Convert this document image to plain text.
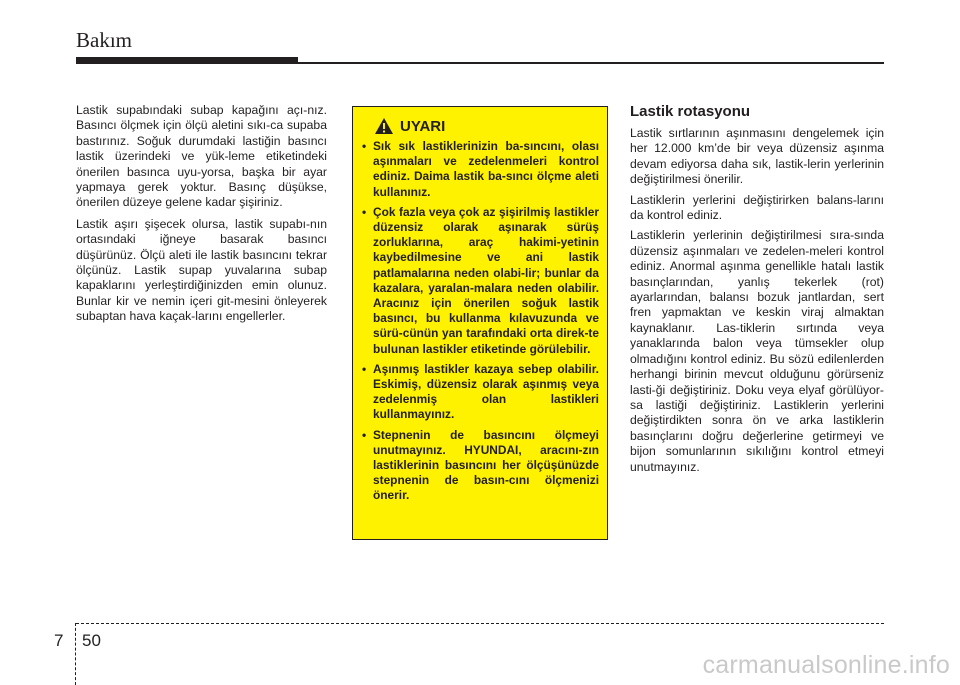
Bakım

Lastik supabındaki subap kapağını açı-nız. Basıncı ölçmek için ölçü aletini sıkı-ca supaba bastırınız. Soğuk durumdaki lastiğin basıncı lastik üzerindeki ve yük-leme etiketindeki önerilen basınca uyu-yorsa, başka bir ayar yapmaya gerek yoktur. Basınç düşükse, önerilen düzeye gelene kadar şişiriniz.

Lastik aşırı şişecek olursa, lastik supabı-nın ortasındaki iğneye basarak basıncı düşürünüz. Ölçü aleti ile lastik basıncını tekrar ölçünüz. Lastik supap yuvalarına subap kapaklarını yerleştirdiğinizden emin olunuz. Bunlar kir ve nemin içeri git-mesini önleyerek subaptan hava kaçak-larını engellerler.

UYARI
• Sık sık lastiklerinizin ba-sıncını, olası aşınmaları ve zedelenmeleri kontrol ediniz. Daima lastik ba-sıncı ölçme aleti kullanınız.
• Çok fazla veya çok az şişirilmiş lastikler düzensiz olarak aşınarak sürüş zorluklarına, araç hakimi-yetinin kaybedilmesine ve ani lastik patlamalarına neden olabi-lir; bunlar da kazalara, yaralan-malara neden olabilir. Aracınız için önerilen soğuk lastik basıncı, bu kullanma kılavuzunda ve sürü-cünün yan tarafındaki orta direk-te bulunan lastikler etiketinde görülebilir.
• Aşınmış lastikler kazaya sebep olabilir. Eskimiş, düzensiz olarak aşınmış veya zedelenmiş olan lastikleri kullanmayınız.
• Stepnenin de basıncını ölçmeyi unutmayınız. HYUNDAI, aracını-zın lastiklerinin basıncını her ölçüşünüzde stepnenin de basın-cını ölçmenizi önerir.
Lastik rotasyonu

Lastik sırtlarının aşınmasını dengelemek için her 12.000 km’de bir veya düzensiz aşınma devam ediyorsa daha sık, lastik-lerin yerlerinin değiştirilmesi önerilir.

Lastiklerin yerlerini değiştirirken balans-larını da kontrol ediniz.

Lastiklerin yerlerinin değiştirilmesi sıra-sında düzensiz aşınmaları ve zedelen-meleri kontrol ediniz. Anormal aşınma genellikle hatalı lastik basınçlarından, yanlış tekerlek (rot) ayarlarından, balansı bozuk jantlardan, sert fren yapmaktan ve keskin viraj almaktan kaynaklanır. Las-tiklerin sırtında veya yanaklarında balon veya tümsekler olup olmadığını kontrol ediniz. Bu sözü edilenlerden herhangi birinin mevcut olduğunu görürseniz lasti-ği değiştiriniz. Doku veya elyaf görülüyor-sa lastiği değiştiriniz. Lastiklerin yerlerini değiştirdikten sonra ön ve arka lastiklerin basınçlarını doğru değerlerine getirmeyi ve bijon somunlarının sıkılığını kontrol etmeyi unutmayınız.

7 50
carmanualsonline.info
